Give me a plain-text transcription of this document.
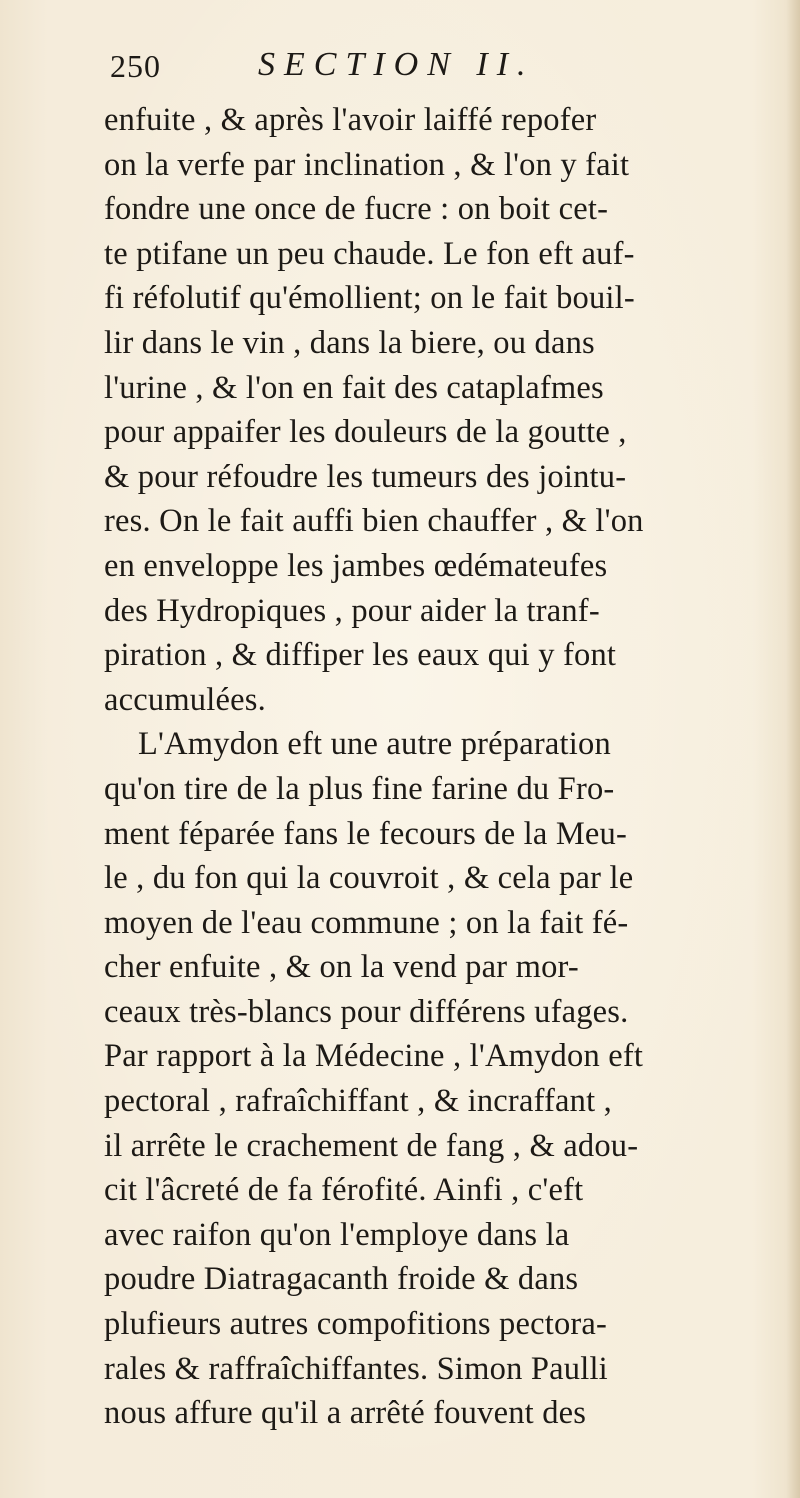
250	SECTION II.
enfuite , & après l'avoir laiffé repofer
on la verfe par inclination , & l'on y fait
fondre une once de fucre : on boit cet-
te ptifane un peu chaude. Le fon eft auf-
fi réfolutif qu'émollient; on le fait bouil-
lir dans le vin , dans la biere, ou dans
l'urine , & l'on en fait des cataplafmes
pour appaifer les douleurs de la goutte ,
& pour réfoudre les tumeurs des jointu-
res. On le fait auffi bien chauffer , & l'on
en enveloppe les jambes œdémateufes
des Hydropiques , pour aider la tranf-
piration , & diffiper les eaux qui y font
accumulées.
L'Amydon eft une autre préparation
qu'on tire de la plus fine farine du Fro-
ment féparée fans le fecours de la Meu-
le , du fon qui la couvroit , & cela par le
moyen de l'eau commune ; on la fait fé-
cher enfuite , & on la vend par mor-
ceaux très-blancs pour différens ufages.
Par rapport à la Médecine , l'Amydon eft
pectoral , rafraîchiffant , & incraffant ,
il arrête le crachement de fang , & adou-
cit l'âcreté de fa férofité. Ainfi , c'eft
avec raifon qu'on l'employe dans la
poudre Diatragacanth froide & dans
plufieurs autres compofitions pectora-
rales & raffraîchiffantes. Simon Paulli
nous affure qu'il a arrêté fouvent des
